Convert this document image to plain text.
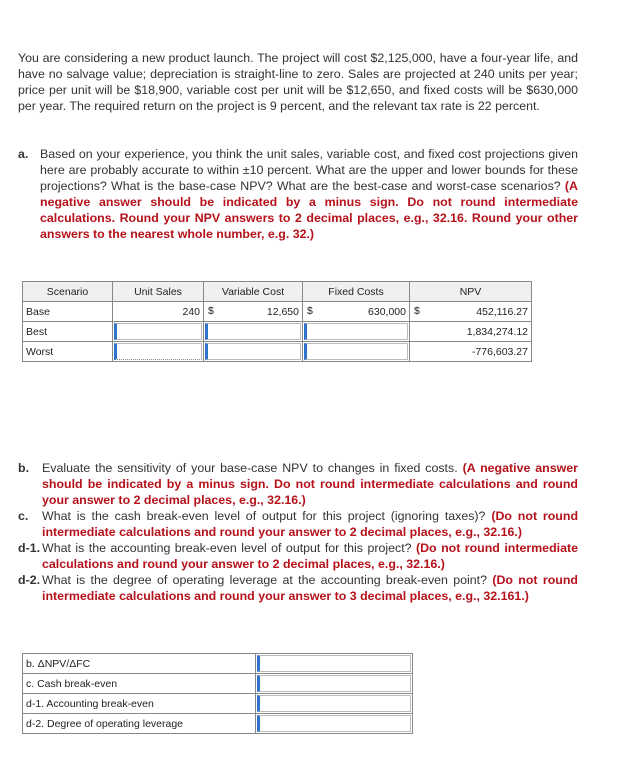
You are considering a new product launch. The project will cost $2,125,000, have a four-year life, and have no salvage value; depreciation is straight-line to zero. Sales are projected at 240 units per year; price per unit will be $18,900, variable cost per unit will be $12,650, and fixed costs will be $630,000 per year. The required return on the project is 9 percent, and the relevant tax rate is 22 percent.
a. Based on your experience, you think the unit sales, variable cost, and fixed cost projections given here are probably accurate to within ±10 percent. What are the upper and lower bounds for these projections? What is the base-case NPV? What are the best-case and worst-case scenarios? (A negative answer should be indicated by a minus sign. Do not round intermediate calculations. Round your NPV answers to 2 decimal places, e.g., 32.16. Round your other answers to the nearest whole number, e.g. 32.)
Scenario	Unit Sales	Variable Cost	Fixed Costs	NPV
Base	240	$ 12,650	$ 630,000	$ 452,116.27
Best				1,834,274.12
Worst				-776,603.27
b. Evaluate the sensitivity of your base-case NPV to changes in fixed costs. (A negative answer should be indicated by a minus sign. Do not round intermediate calculations and round your answer to 2 decimal places, e.g., 32.16.)
c. What is the cash break-even level of output for this project (ignoring taxes)? (Do not round intermediate calculations and round your answer to 2 decimal places, e.g., 32.16.)
d-1. What is the accounting break-even level of output for this project? (Do not round intermediate calculations and round your answer to 2 decimal places, e.g., 32.16.)
d-2. What is the degree of operating leverage at the accounting break-even point? (Do not round intermediate calculations and round your answer to 3 decimal places, e.g., 32.161.)
b. ΔNPV/ΔFC	

c. Cash break-even	

d-1. Accounting break-even	

d-2. Degree of operating leverage	
